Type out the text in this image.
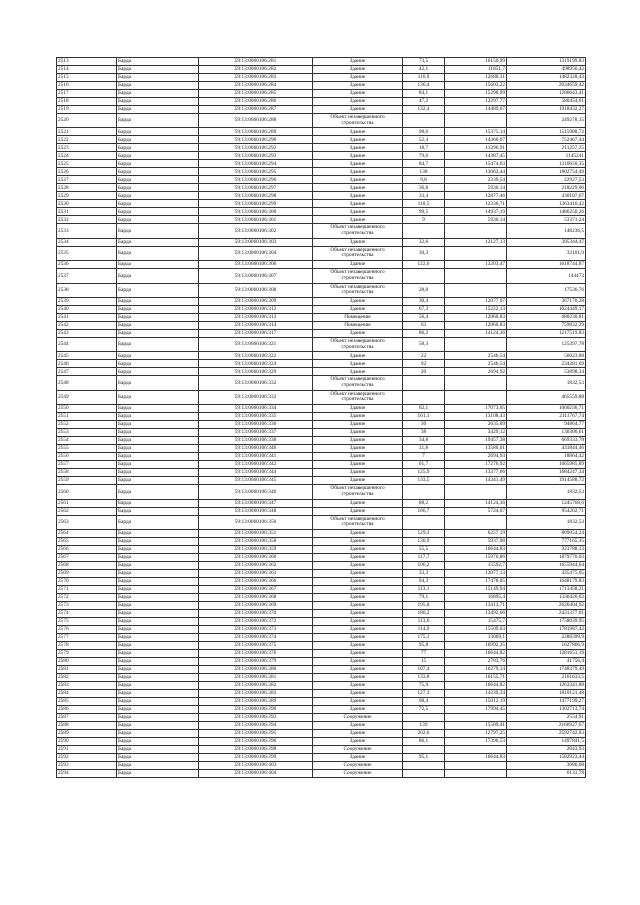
2513	Барда	59:13:0060106:281	Здание	73,5	16150,99	1319199,83
2514	Барда	59:13:0060106:282	Здание	42,1	11851,7	498956,42
2515	Барда	59:13:0060106:283	Здание	116,9	12680,31	1482328,43
2516	Барда	59:13:0060106:284	Здание	136,4	15603,22	2034659,42
2517	Барда	59:13:0060106:285	Здание	84,1	15298,99	1286643,41
2518	Барда	59:13:0060106:286	Здание	47,2	12297,77	580454,61
2519	Барда	59:13:0060106:287	Здание	132,4	14489,67	1918432,27
2520	Барда	59:13:0060106:288	Объект незавершенного строительства			249278,15
2521	Барда	59:13:0060106:289	Здание	98,6	15375,14	1515988,72
2522	Барда	59:13:0060106:290	Здание	52,4	14360,07	752467,44
2523	Барда	59:13:0060106:292	Здание	18,7	11296,91	211257,25
2524	Барда	59:13:0060106:293	Здание	79,6	14387,45	1145241
2525	Барда	59:13:0060106:294	Здание	84,7	15474,03	1310650,35
2526	Барда	59:13:0060106:295	Здание	138	13063,44	1802754,49
2527	Барда	59:13:0060106:296	Здание	9,8	2339,54	22927,53
2528	Барда	59:13:0060106:297	Здание	36,8	5930,14	218229,06
2529	Барда	59:13:0060106:298	Здание	33,4	12877,46	430107,07
2530	Барда	59:13:0060106:299	Здание	110,5	12336,71	1363416,42
2531	Барда	59:13:0060106:300	Здание	99,5	14937,19	1486250,26
2532	Барда	59:13:0060106:301	Здание	9	5930,14	53371,24
2533	Барда	59:13:0060106:302	Объект незавершенного строительства			148236,5
2534	Барда	59:13:0060106:303	Здание	32,6	12127,13	395344,47
2535	Барда	59:13:0060106:304	Объект незавершенного строительства	30,3		32101,9
2536	Барда	59:13:0060106:306	Здание	122,6	13203,47	1618744,87
2537	Барда	59:13:0060106:307	Объект незавершенного строительства			144473
2538	Барда	59:13:0060106:308	Объект незавершенного строительства	28,8		17536,76
2539	Барда	59:13:0060106:309	Здание	30,4	12077,97	367170,28
2540	Барда	59:13:0060106:312	Здание	67,3	15222,13	1024449,17
2541	Барда	59:13:0060106:313	Помещение	56,4	12060,83	680230,81
2542	Барда	59:13:0060106:314	Помещение	63	12060,83	759832,29
2543	Барда	59:13:0060106:317	Здание	86,2	14124,36	1217519,83
2544	Барда	59:13:0060106:321	Объект незавершенного строительства	58,3		125397,78
2545	Барда	59:13:0060106:322	Здание	22	2546,54	56023,88
2546	Барда	59:13:0060106:324	Здание	92	2546,54	234281,69
2547	Барда	59:13:0060106:329	Здание	20	2694,92	53898,34
2548	Барда	59:13:0060106:332	Объект незавершенного строительства			1832,53
2549	Барда	59:13:0060106:333	Объект незавершенного строительства			465559,88
2550	Барда	59:13:0060106:334	Здание	62,1	17073,05	1060236,71
2551	Барда	59:13:0060106:335	Здание	161,1	13108,43	2111767,74
2552	Барда	59:13:0060106:336	Здание	36	2635,09	94864,77
2553	Барда	59:13:0060106:337	Здание	38	3429,12	130306,61
2554	Барда	59:13:0060106:338	Здание	34,8	19457,38	669333,78
2555	Барда	59:13:0060106:340	Здание	31,8	13580,01	431844,46
2556	Барда	59:13:0060106:341	Здание	7	2694,93	18864,42
2557	Барда	59:13:0060106:342	Здание	61,7	17276,92	1065985,89
2558	Барда	59:13:0060106:344	Здание	125,9	13377,66	1684247,34
2559	Барда	59:13:0060106:345	Здание	133,5	14341,49	1914588,72
2560	Барда	59:13:0060106:346	Объект незавершенного строительства			1832,53
2561	Барда	59:13:0060106:347	Здание	88,2	14124,36	1245768,6
2562	Барда	59:13:0060106:348	Здание	166,7	5724,07	954202,71
2563	Барда	59:13:0060106:350	Объект незавершенного строительства			1832,53
2564	Барда	59:13:0060106:351	Здание	129,3	6257,19	809054,24
2565	Барда	59:13:0060106:358	Здание	130,9	5937,08	777165,35
2566	Барда	59:13:0060106:359	Здание	55,5	16644,83	923788,13
2567	Барда	59:13:0060106:360	Здание	117,7	15970,86	1879770,03
2568	Барда	59:13:0060106:362	Здание	106,2	15592,7	1655944,64
2569	Барда	59:13:0060106:363	Здание	33,3	13077,13	435475,05
2570	Барда	59:13:0060106:366	Здание	94,3	17478,05	1648179,83
2571	Барда	59:13:0060106:367	Здание	113,1	15149,94	1713458,21
2572	Барда	59:13:0060106:368	Здание	79,1	16895,4	1336426,02
2573	Барда	59:13:0060106:369	Здание	195,8	13413,71	2626404,92
2574	Барда	59:13:0060106:370	Здание	180,2	13492,66	2431377,01
2575	Барда	59:13:0060106:372	Здание	113,6	15475,7	1758039,95
2576	Барда	59:13:0060106:373	Здание	114,9	15509,03	1781987,42
2577	Барда	59:13:0060106:374	Здание	175,1	13069,1	2288399,9
2578	Барда	59:13:0060106:375	Здание	95,8	16992,35	1627866,9
2579	Барда	59:13:0060106:376	Здание	77	16644,82	1281651,19
2580	Барда	59:13:0060106:379	Здание	15	2783,76	41756,4
2581	Барда	59:13:0060106:380	Здание	107,4	16279,14	1748379,49
2582	Барда	59:13:0060106:381	Здание	133,8	16155,71	2161633,5
2583	Барда	59:13:0060106:382	Здание	75,9	16644,82	1263341,88
2584	Барда	59:13:0060106:383	Здание	127,3	14239,34	1810121,48
2585	Барда	59:13:0060106:389	Здание	98,4	15012,19	1477199,27
2586	Барда	59:13:0060106:390	Здание	72,5	17994,45	1302713,74
2587	Барда	59:13:0060106:393	Сооружение			2554,91
2588	Барда	59:13:0060106:394	Здание	139	15589,41	2166927,67
2589	Барда	59:13:0060106:395	Здание	202,6	12797,25	2592742,83
2590	Барда	59:13:0060106:396	Здание	86,1	17396,53	1497841,5
2591	Барда	59:13:0060106:398	Сооружение			2043,93
2592	Барда	59:13:0060106:399	Здание	95,1	16644,83	1582923,44
2593	Барда	59:13:0060106:403	Сооружение			3686,68
2594	Барда	59:13:0060106:404	Сооружение			6131,78
